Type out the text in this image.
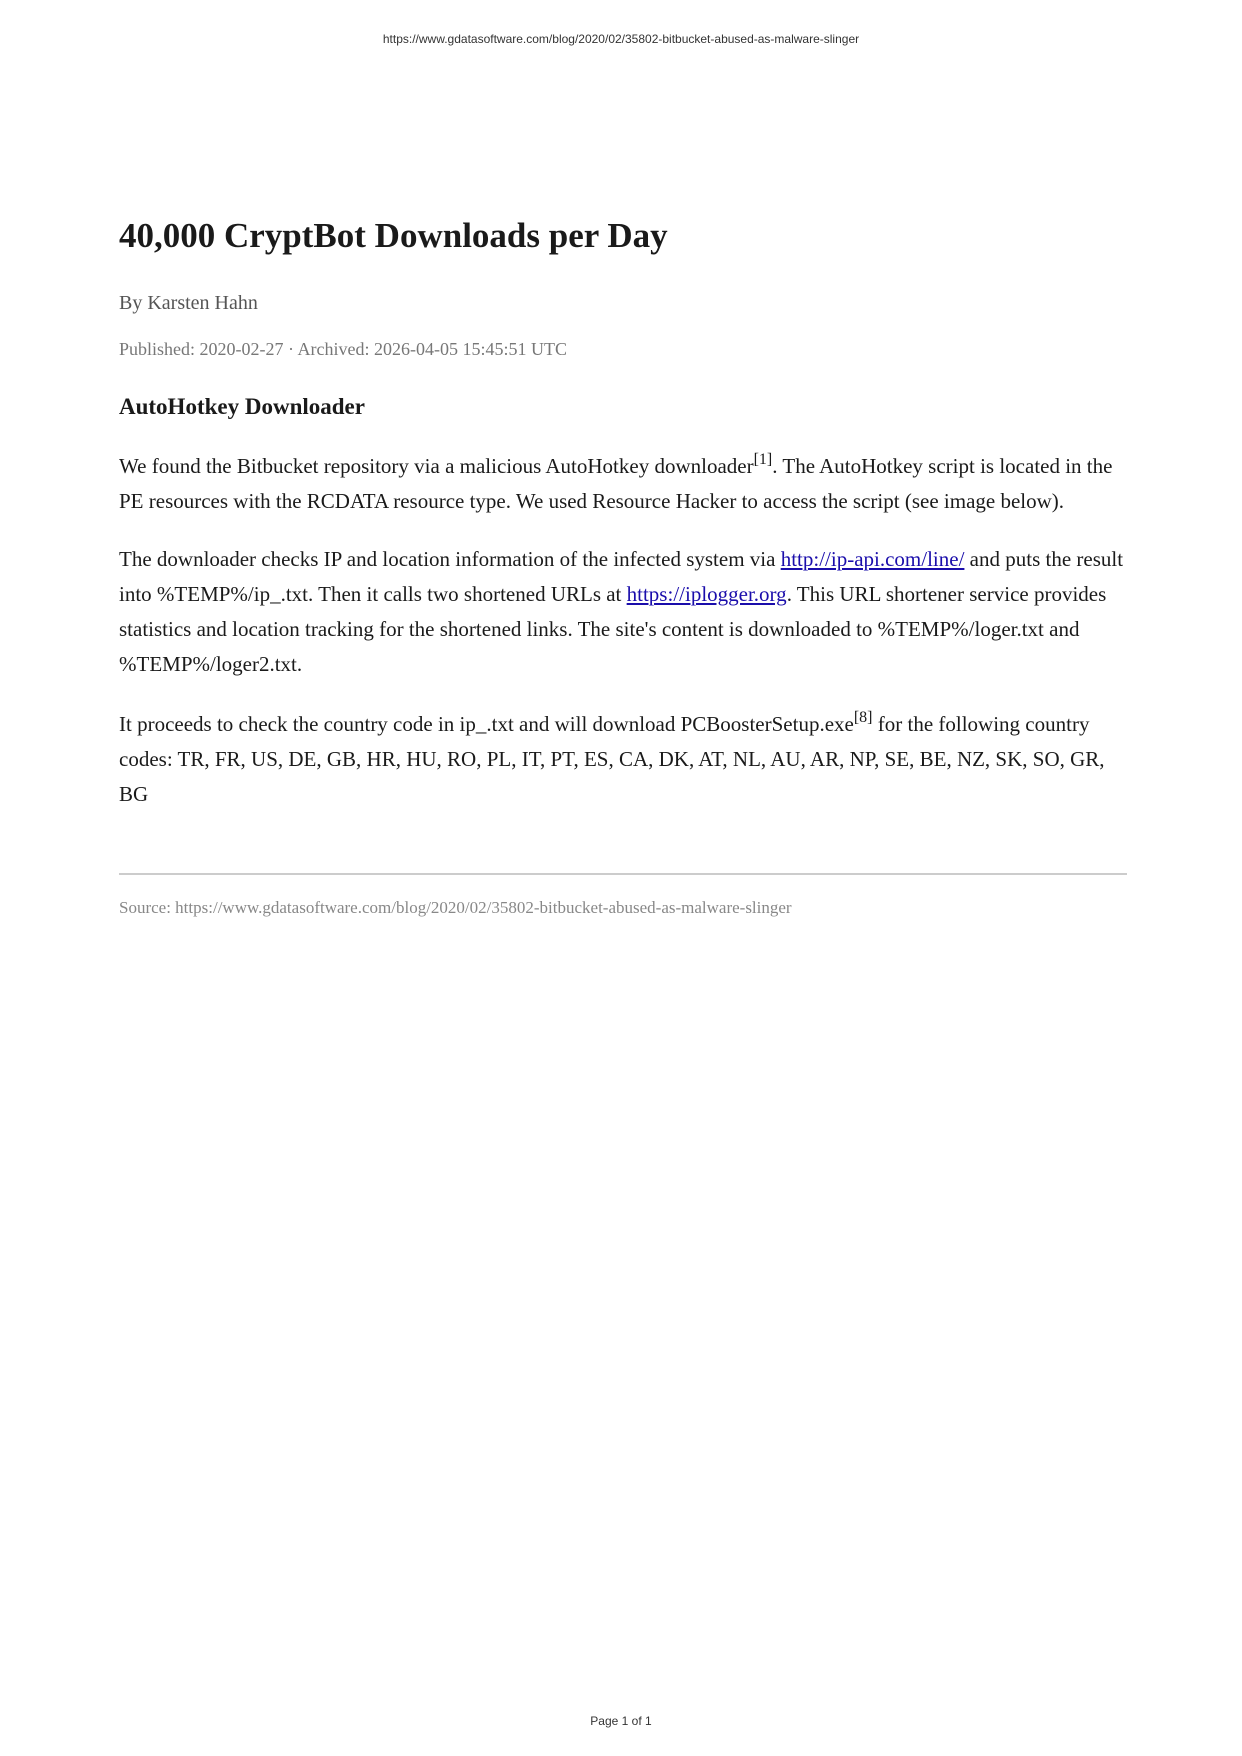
https://www.gdatasoftware.com/blog/2020/02/35802-bitbucket-abused-as-malware-slinger
40,000 CryptBot Downloads per Day
By Karsten Hahn
Published: 2020-02-27 · Archived: 2026-04-05 15:45:51 UTC
AutoHotkey Downloader

We found the Bitbucket repository via a malicious AutoHotkey downloader[1]. The AutoHotkey script is located in the PE resources with the RCDATA resource type. We used Resource Hacker to access the script (see image below).

The downloader checks IP and location information of the infected system via http://ip-api.com/line/ and puts the result into %TEMP%/ip_.txt. Then it calls two shortened URLs at https://iplogger.org. This URL shortener service provides statistics and location tracking for the shortened links. The site's content is downloaded to %TEMP%/loger.txt and %TEMP%/loger2.txt.

It proceeds to check the country code in ip_.txt and will download PCBoosterSetup.exe[8] for the following country codes: TR, FR, US, DE, GB, HR, HU, RO, PL, IT, PT, ES, CA, DK, AT, NL, AU, AR, NP, SE, BE, NZ, SK, SO, GR, BG

Source: https://www.gdatasoftware.com/blog/2020/02/35802-bitbucket-abused-as-malware-slinger
Page 1 of 1
